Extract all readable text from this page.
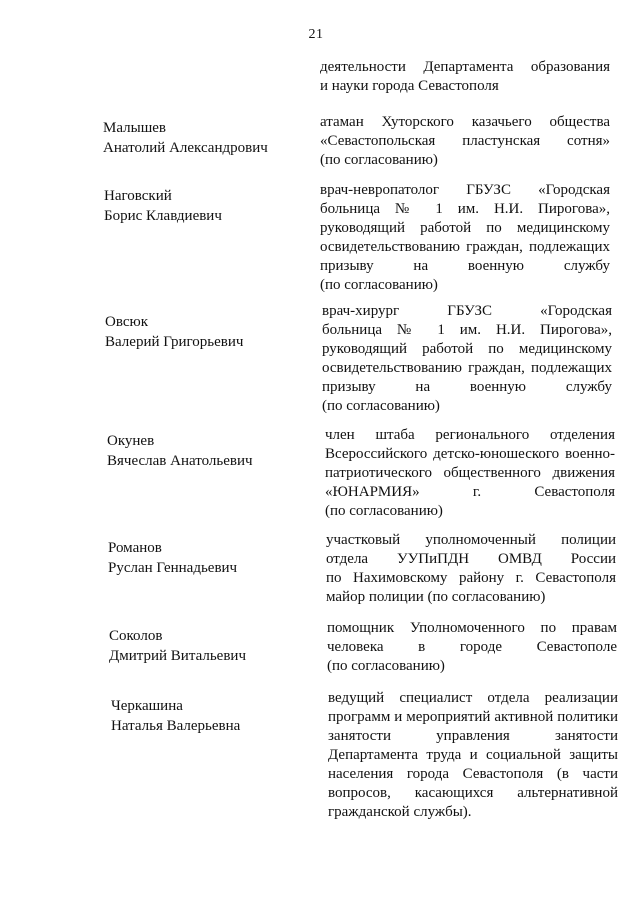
21
деятельности Департамента образования
и науки города Севастополя
Малышев
Анатолий Александрович
атаман Хуторского казачьего общества
«Севастопольская пластунская сотня»
(по согласованию)
Наговский
Борис Клавдиевич
врач-невропатолог ГБУЗС «Городская
больница № 1 им. Н.И. Пирогова»,
руководящий работой по медицинскому
освидетельствованию граждан, подлежащих
призыву на военную службу
(по согласованию)
Овсюк
Валерий Григорьевич
врач-хирург ГБУЗС «Городская
больница № 1 им. Н.И. Пирогова»,
руководящий работой по медицинскому
освидетельствованию граждан, подлежащих
призыву на военную службу
(по согласованию)
Окунев
Вячеслав Анатольевич
член штаба регионального отделения
Всероссийского детско-юношеского военно-
патриотического общественного движения
«ЮНАРМИЯ» г. Севастополя
(по согласованию)
Романов
Руслан Геннадьевич
участковый уполномоченный полиции
отдела УУПиПДН ОМВД России
по Нахимовскому району г. Севастополя
майор полиции (по согласованию)
Соколов
Дмитрий Витальевич
помощник Уполномоченного по правам
человека в городе Севастополе
(по согласованию)
Черкашина
Наталья Валерьевна
ведущий специалист отдела реализации
программ и мероприятий активной политики
занятости управления занятости
Департамента труда и социальной защиты
населения города Севастополя (в части
вопросов, касающихся альтернативной
гражданской службы).
